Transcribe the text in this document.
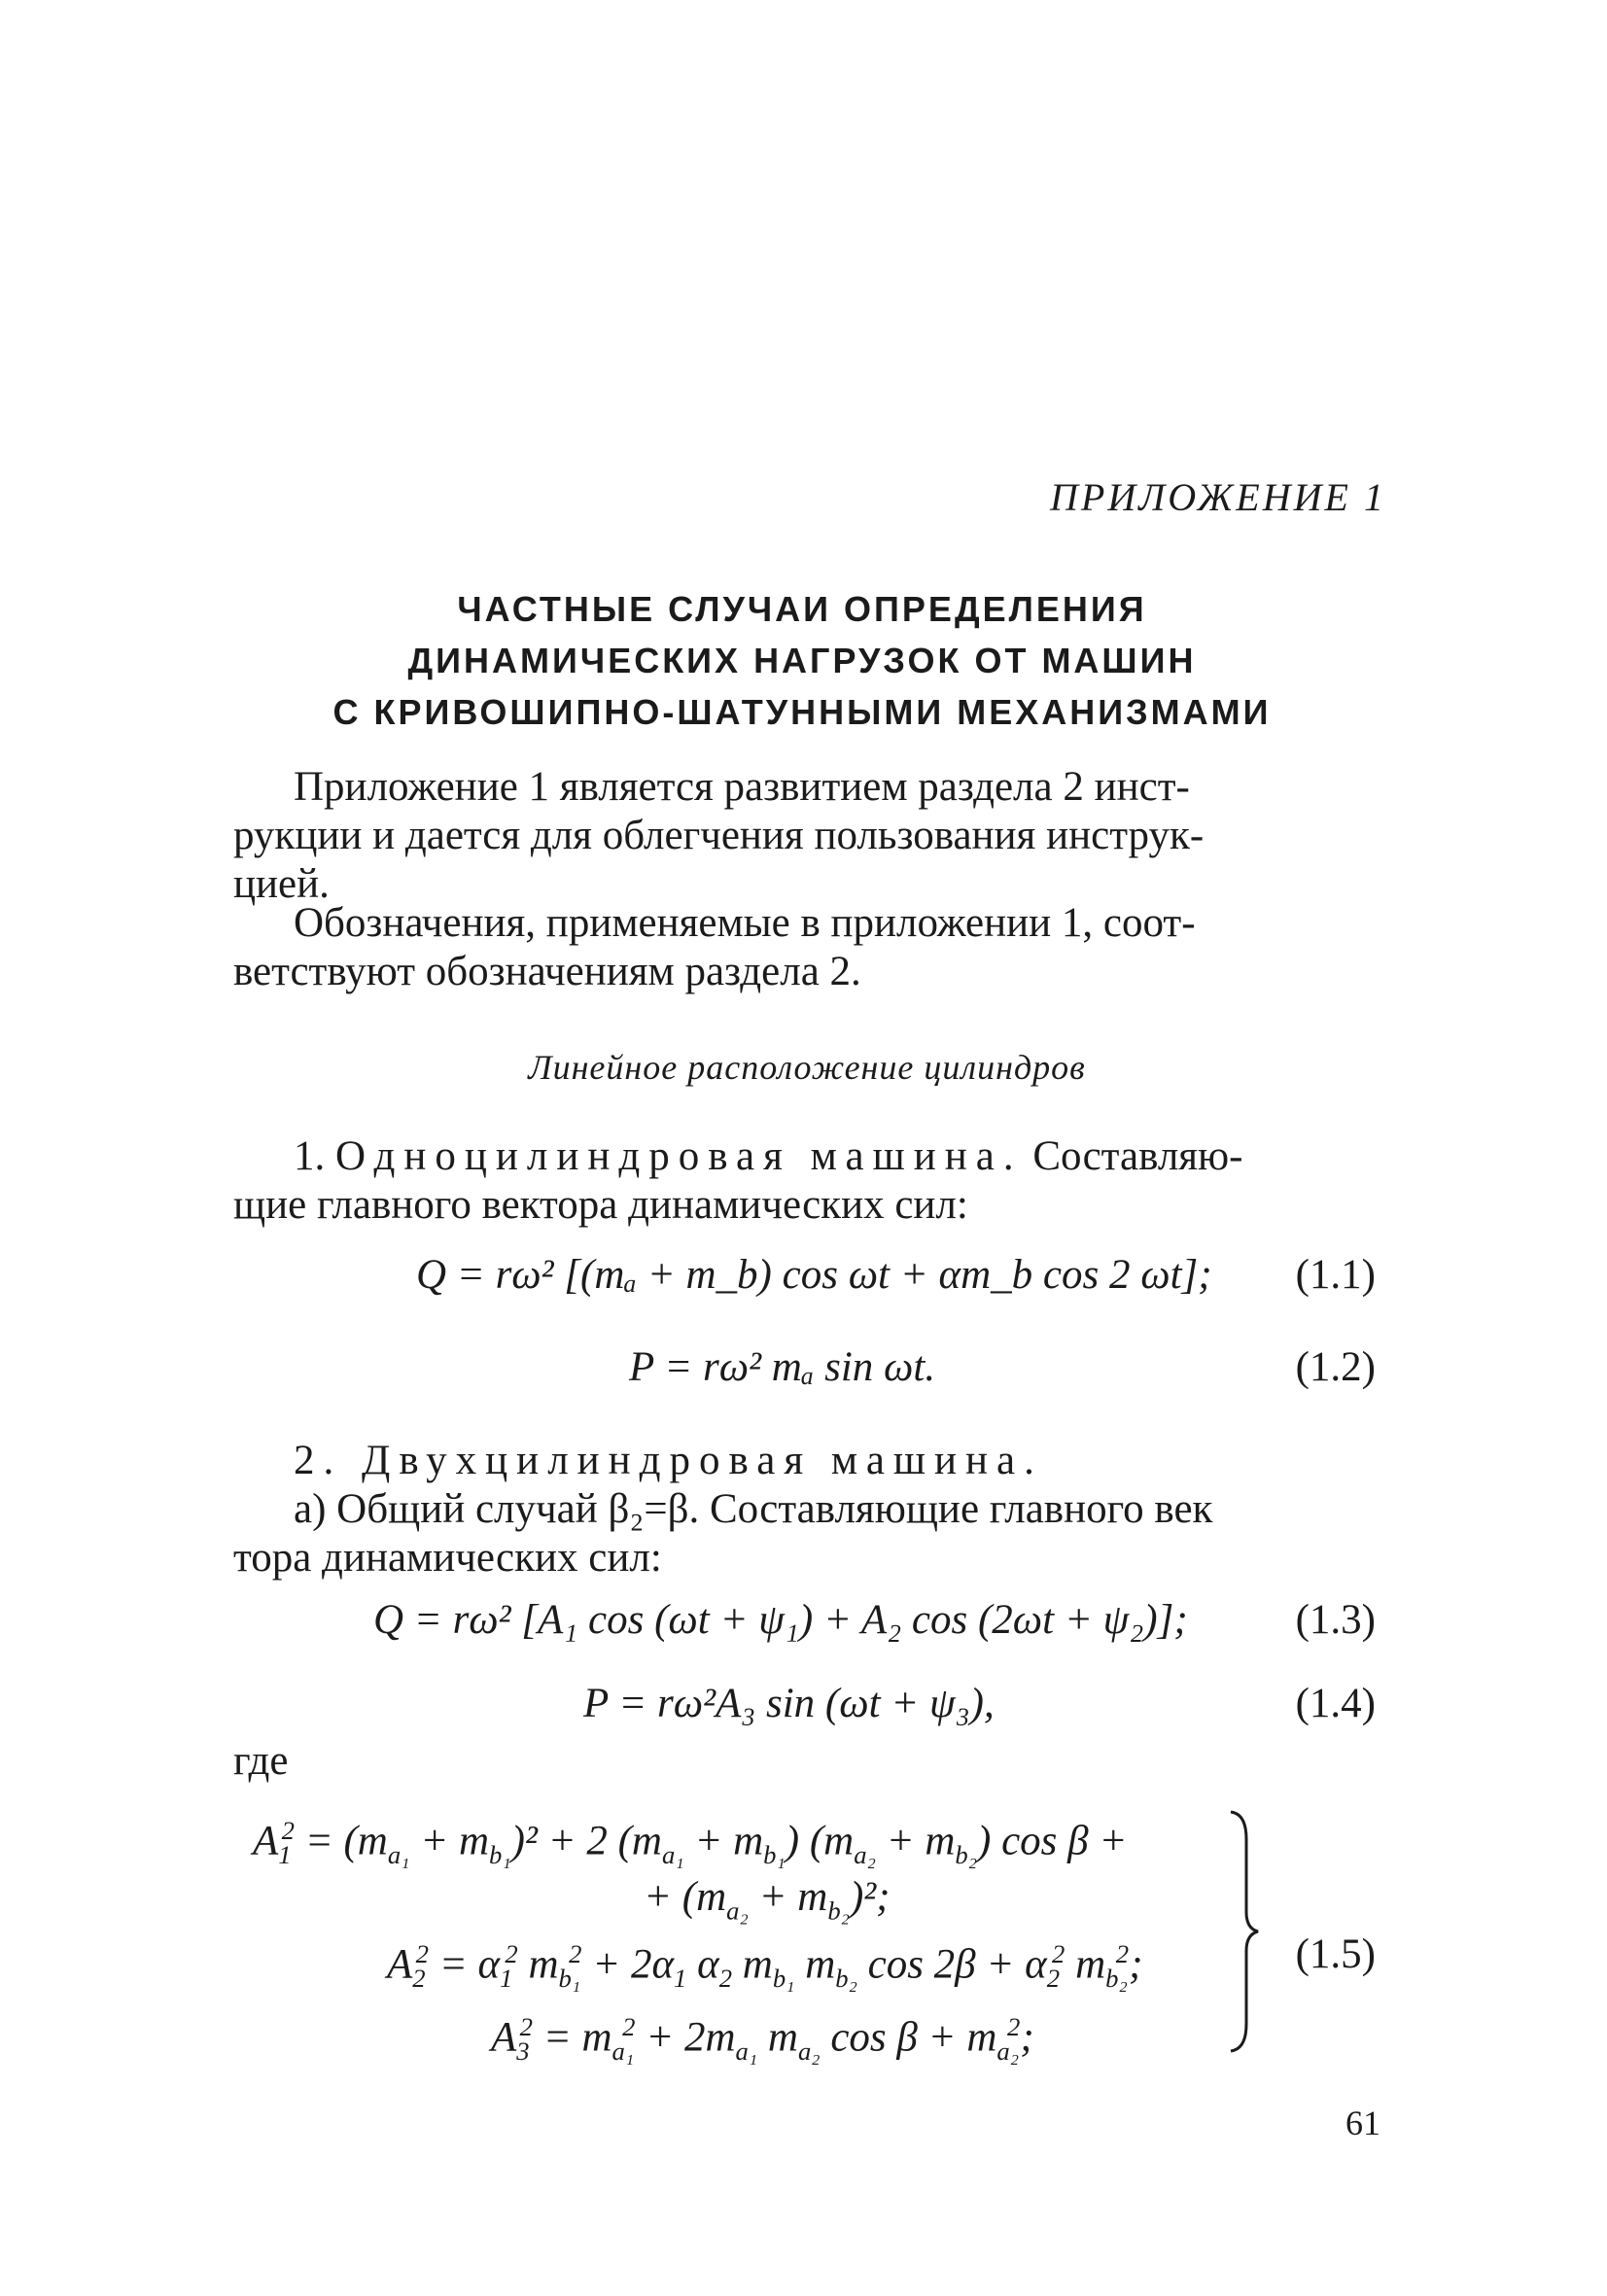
ПРИЛОЖЕНИЕ 1
ЧАСТНЫЕ СЛУЧАИ ОПРЕДЕЛЕНИЯ
ДИНАМИЧЕСКИХ НАГРУЗОК ОТ МАШИН
С КРИВОШИПНО-ШАТУННЫМИ МЕХАНИЗМАМИ
Приложение 1 является развитием раздела 2 инст-
рукции и дается для облегчения пользования инструк-
цией.
Обозначения, применяемые в приложении 1, соот-
ветствуют обозначениям раздела 2.
Линейное расположение цилиндров
1. Одноцилиндровая машина. Составляю-
щие главного вектора динамических сил:
Q = rω² [(mₐ + m_b) cos ωt + αm_b cos 2 ωt];	(1.1)
P = rω² mₐ sin ωt.	(1.2)
2. Двухцилиндровая машина.
а) Общий случай β₂=β. Составляющие главного век
тора динамических сил:
Q = rω² [A₁ cos (ωt + ψ₁) + A₂ cos (2ωt + ψ₂)];	(1.3)
P = rω²A₃ sin (ωt + ψ₃),	(1.4)
где
$A_1^2 = (m_{a_1} + m_{b_1})^2 + 2$ $(m_{a_1} + m_{b_1}) (m_{a_2} + m_{b_2})$ cos β +
+ $(m_{a_2} + m_{b_2})^2$;
$A_2^2 = \alpha_1^2$ $m_{b_1}^2 + 2\alpha_1$ $\alpha_2$ $m_{b_1}$ $m_{b_2}$ $\cos 2\beta + \alpha_2^2$ $m_{b_2}^2$;
$A_3^2 = m_{a_1}^2 + 2m_{a_1}$ $m_{a_2}$ $\cos \beta + m_{a_2}^2$;
(1.5)
61
